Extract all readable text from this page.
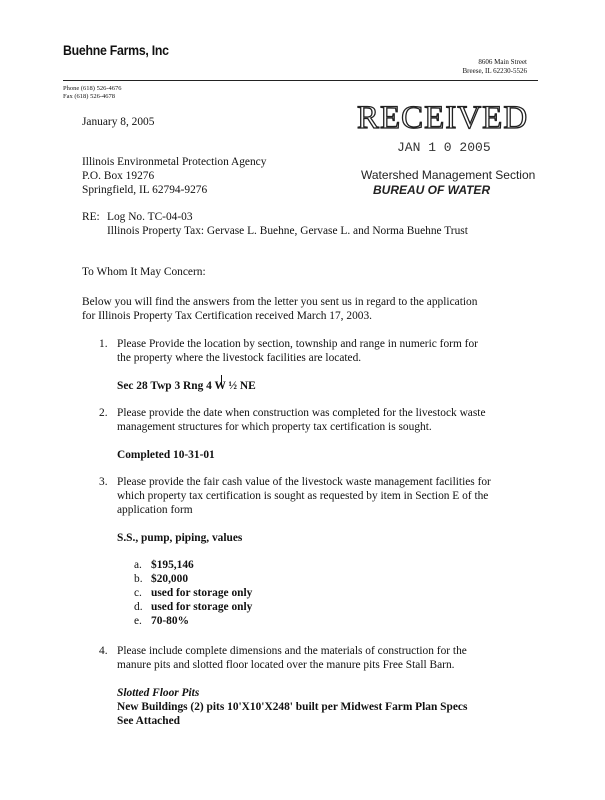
Buehne Farms, Inc
8606 Main Street
Breese, IL 62230-5526
Phone (618) 526-4676
Fax (618) 526-4678
January 8, 2005	RECEIVED
JAN 1 0 2005
Watershed Management Section
BUREAU OF WATER
Illinois Environmetal Protection Agency
P.O. Box 19276
Springfield, IL 62794-9276
RE: Log No. TC-04-03
Illinois Property Tax: Gervase L. Buehne, Gervase L. and Norma Buehne Trust
To Whom It May Concern:
Below you will find the answers from the letter you sent us in regard to the application
for Illinois Property Tax Certification received March 17, 2003.
1. Please Provide the location by section, township and range in numeric form for
the property where the livestock facilities are located.
Sec 28 Twp 3 Rng 4 W ½ NE
2. Please provide the date when construction was completed for the livestock waste
management structures for which property tax certification is sought.
Completed 10-31-01
3. Please provide the fair cash value of the livestock waste management facilities for
which property tax certification is sought as requested by item in Section E of the
application form
S.S., pump, piping, values
a. $195,146
b. $20,000
c. used for storage only
d. used for storage only
e. 70-80%
4. Please include complete dimensions and the materials of construction for the
manure pits and slotted floor located over the manure pits Free Stall Barn.
Slotted Floor Pits
New Buildings (2) pits 10'X10'X248' built per Midwest Farm Plan Specs
See Attached
